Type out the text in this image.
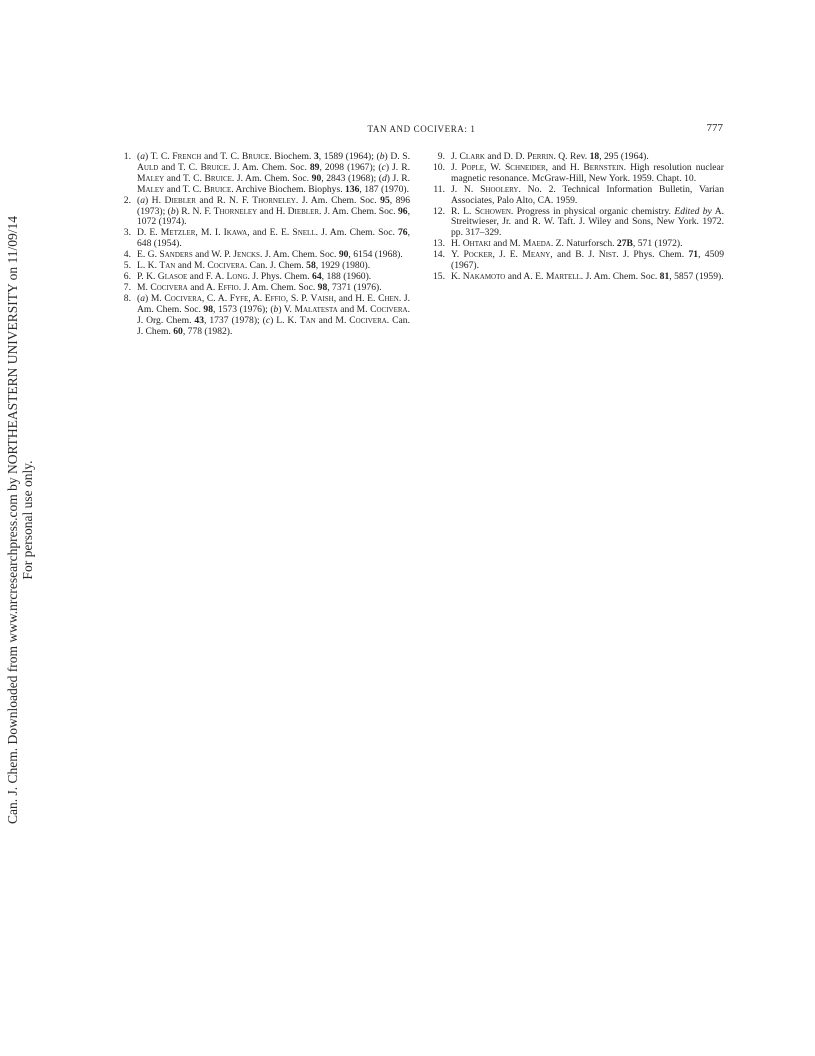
Can. J. Chem. Downloaded from www.nrcresearchpress.com by NORTHEASTERN UNIVERSITY on 11/09/14 For personal use only.
TAN AND COCIVERA: 1	777
1. (a) T. C. French and T. C. Bruice. Biochem. 3, 1589 (1964); (b) D. S. Auld and T. C. Bruice. J. Am. Chem. Soc. 89, 2098 (1967); (c) J. R. Maley and T. C. Bruice. J. Am. Chem. Soc. 90, 2843 (1968); (d) J. R. Maley and T. C. Bruice. Archive Biochem. Biophys. 136, 187 (1970).
2. (a) H. Diebler and R. N. F. Thorneley. J. Am. Chem. Soc. 95, 896 (1973); (b) R. N. F. Thorneley and H. Diebler. J. Am. Chem. Soc. 96, 1072 (1974).
3. D. E. Metzler, M. I. Ikawa, and E. E. Snell. J. Am. Chem. Soc. 76, 648 (1954).
4. E. G. Sanders and W. P. Jencks. J. Am. Chem. Soc. 90, 6154 (1968).
5. L. K. Tan and M. Cocivera. Can. J. Chem. 58, 1929 (1980).
6. P. K. Glasoe and F. A. Long. J. Phys. Chem. 64, 188 (1960).
7. M. Cocivera and A. Effio. J. Am. Chem. Soc. 98, 7371 (1976).
8. (a) M. Cocivera, C. A. Fyfe, A. Effio, S. P. Vaish, and H. E. Chen. J. Am. Chem. Soc. 98, 1573 (1976); (b) V. Malatesta and M. Cocivera. J. Org. Chem. 43, 1737 (1978); (c) L. K. Tan and M. Cocivera. Can. J. Chem. 60, 778 (1982).
9. J. Clark and D. D. Perrin. Q. Rev. 18, 295 (1964).
10. J. Pople, W. Schneider, and H. Bernstein. High resolution nuclear magnetic resonance. McGraw-Hill, New York. 1959. Chapt. 10.
11. J. N. Shoolery. No. 2. Technical Information Bulletin, Varian Associates, Palo Alto, CA. 1959.
12. R. L. Schowen. Progress in physical organic chemistry. Edited by A. Streitwieser, Jr. and R. W. Taft. J. Wiley and Sons, New York. 1972. pp. 317–329.
13. H. Ohtaki and M. Maeda. Z. Naturforsch. 27B, 571 (1972).
14. Y. Pocker, J. E. Meany, and B. J. Nist. J. Phys. Chem. 71, 4509 (1967).
15. K. Nakamoto and A. E. Martell. J. Am. Chem. Soc. 81, 5857 (1959).
